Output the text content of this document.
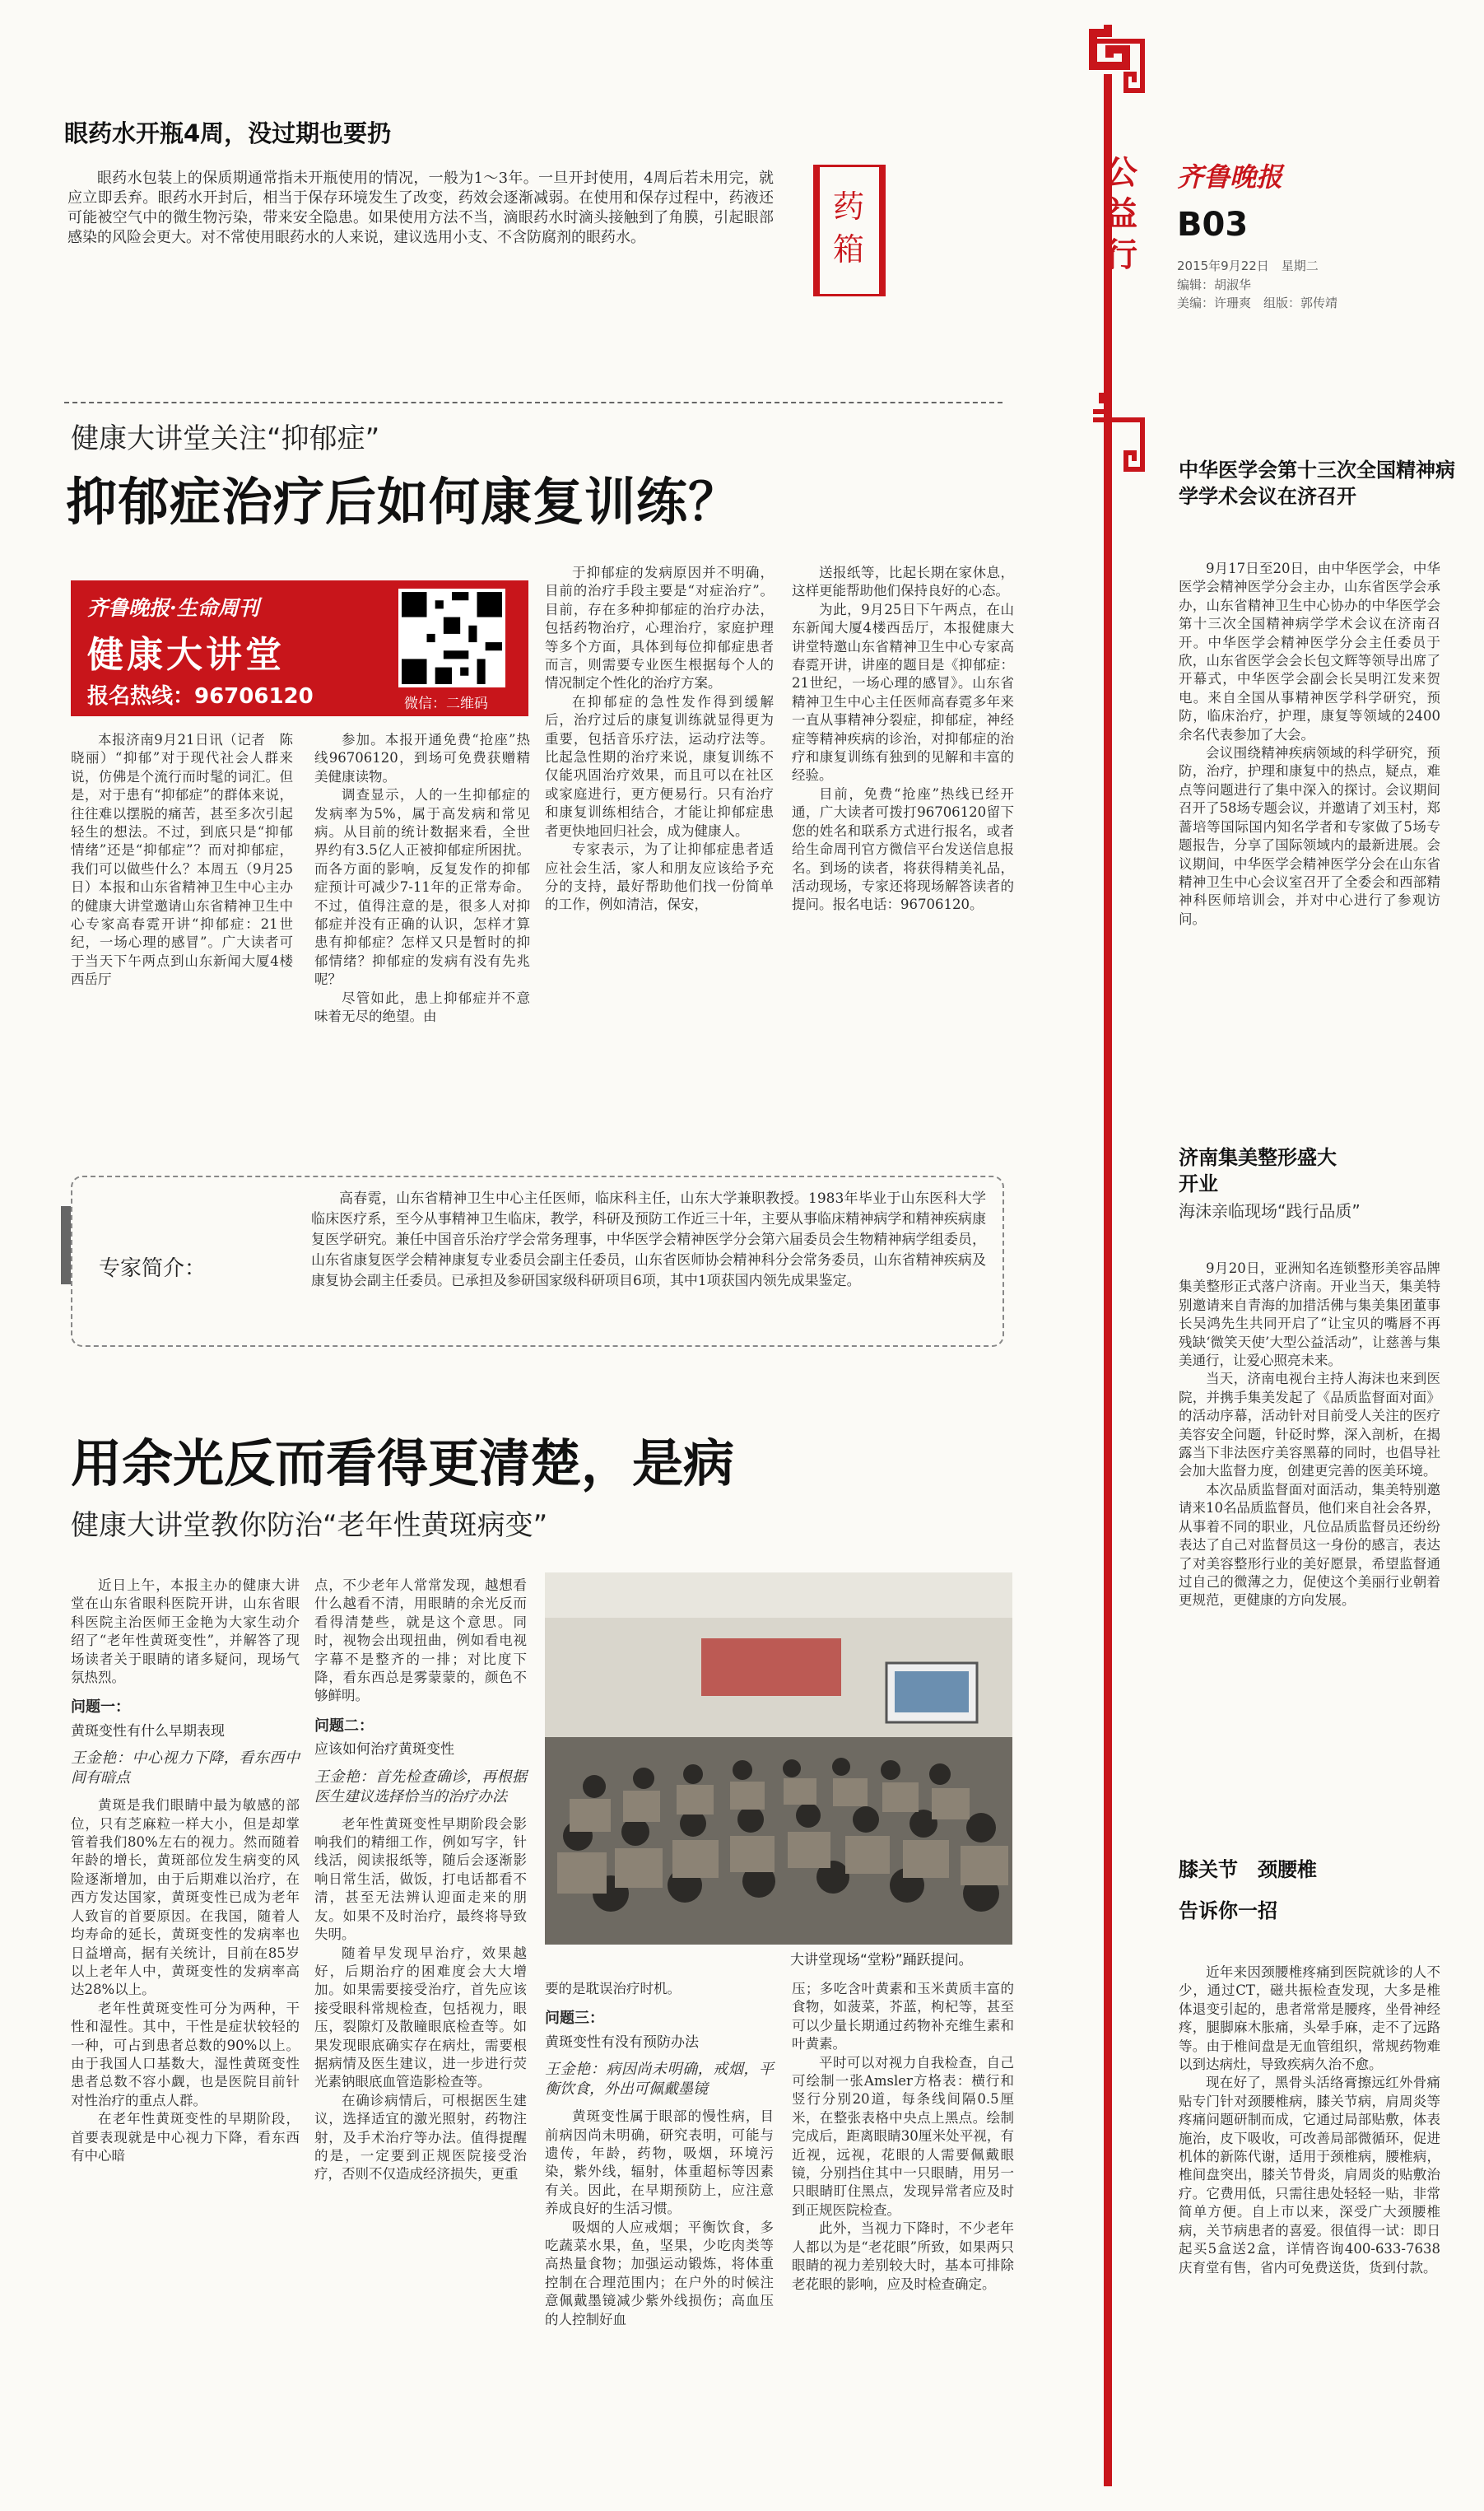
公益行
齐鲁晚报
B03
2015年9月22日　星期二
编辑：胡淑华
美编：许珊爽　组版：郭传靖
眼药水开瓶4周，没过期也要扔

眼药水包装上的保质期通常指未开瓶使用的情况，一般为1～3年。一旦开封使用，4周后若未用完，就应立即丢弃。眼药水开封后，相当于保存环境发生了改变，药效会逐渐减弱。在使用和保存过程中，药液还可能被空气中的微生物污染，带来安全隐患。如果使用方法不当，滴眼药水时滴头接触到了角膜，引起眼部感染的风险会更大。对不常使用眼药水的人来说，建议选用小支、不含防腐剂的眼药水。

药箱
健康大讲堂关注“抑郁症”
抑郁症治疗后如何康复训练？
齐鲁晚报·生命周刊
健康大讲堂
报名热线：96706120	微信：二维码

本报济南9月21日讯（记者　陈晓丽）“抑郁”对于现代社会人群来说，仿佛是个流行而时髦的词汇。但是，对于患有“抑郁症”的群体来说，往往难以摆脱的痛苦，甚至多次引起轻生的想法。不过，到底只是“抑郁情绪”还是“抑郁症”？而对抑郁症，我们可以做些什么？本周五（9月25日）本报和山东省精神卫生中心主办的健康大讲堂邀请山东省精神卫生中心专家高春霓开讲“抑郁症：21世纪，一场心理的感冒”。广大读者可于当天下午两点到山东新闻大厦4楼西岳厅

参加。本报开通免费“抢座”热线96706120，到场可免费获赠精美健康读物。

调查显示，人的一生抑郁症的发病率为5%，属于高发病和常见病。从目前的统计数据来看，全世界约有3.5亿人正被抑郁症所困扰。而各方面的影响，反复发作的抑郁症预计可减少7-11年的正常寿命。不过，值得注意的是，很多人对抑郁症并没有正确的认识，怎样才算患有抑郁症？怎样又只是暂时的抑郁情绪？抑郁症的发病有没有先兆呢？

尽管如此，患上抑郁症并不意味着无尽的绝望。由

于抑郁症的发病原因并不明确，目前的治疗手段主要是“对症治疗”。目前，存在多种抑郁症的治疗办法，包括药物治疗，心理治疗，家庭护理等多个方面，具体到每位抑郁症患者而言，则需要专业医生根据每个人的情况制定个性化的治疗方案。

在抑郁症的急性发作得到缓解后，治疗过后的康复训练就显得更为重要，包括音乐疗法，运动疗法等。比起急性期的治疗来说，康复训练不仅能巩固治疗效果，而且可以在社区或家庭进行，更方便易行。只有治疗和康复训练相结合，才能让抑郁症患者更快地回归社会，成为健康人。

专家表示，为了让抑郁症患者适应社会生活，家人和朋友应该给予充分的支持，最好帮助他们找一份简单的工作，例如清洁，保安，

送报纸等，比起长期在家休息，这样更能帮助他们保持良好的心态。

为此，9月25日下午两点，在山东新闻大厦4楼西岳厅，本报健康大讲堂特邀山东省精神卫生中心专家高春霓开讲，讲座的题目是《抑郁症：21世纪，一场心理的感冒》。山东省精神卫生中心主任医师高春霓多年来一直从事精神分裂症，抑郁症，神经症等精神疾病的诊治，对抑郁症的治疗和康复训练有独到的见解和丰富的经验。

目前，免费“抢座”热线已经开通，广大读者可拨打96706120留下您的姓名和联系方式进行报名，或者给生命周刊官方微信平台发送信息报名。到场的读者，将获得精美礼品，活动现场，专家还将现场解答读者的提问。报名电话：96706120。

专家简介：

高春霓，山东省精神卫生中心主任医师，临床科主任，山东大学兼职教授。1983年毕业于山东医科大学临床医疗系，至今从事精神卫生临床，教学，科研及预防工作近三十年，主要从事临床精神病学和精神疾病康复医学研究。兼任中国音乐治疗学会常务理事，中华医学会精神医学分会第六届委员会生物精神病学组委员，山东省康复医学会精神康复专业委员会副主任委员，山东省医师协会精神科分会常务委员，山东省精神疾病及康复协会副主任委员。已承担及参研国家级科研项目6项，其中1项获国内领先成果鉴定。

用余光反而看得更清楚，是病
健康大讲堂教你防治“老年性黄斑病变”

近日上午，本报主办的健康大讲堂在山东省眼科医院开讲，山东省眼科医院主治医师王金艳为大家生动介绍了“老年性黄斑变性”，并解答了现场读者关于眼睛的诸多疑问，现场气氛热烈。

问题一：
黄斑变性有什么早期表现
王金艳：中心视力下降，看东西中间有暗点

黄斑是我们眼睛中最为敏感的部位，只有芝麻粒一样大小，但是却掌管着我们80%左右的视力。然而随着年龄的增长，黄斑部位发生病变的风险逐渐增加，由于后期难以治疗，在西方发达国家，黄斑变性已成为老年人致盲的首要原因。在我国，随着人均寿命的延长，黄斑变性的发病率也日益增高，据有关统计，目前在85岁以上老年人中，黄斑变性的发病率高达28%以上。

老年性黄斑变性可分为两种，干性和湿性。其中，干性是症状较轻的一种，可占到患者总数的90%以上。由于我国人口基数大，湿性黄斑变性患者总数不容小觑，也是医院目前针对性治疗的重点人群。

在老年性黄斑变性的早期阶段，首要表现就是中心视力下降，看东西有中心暗

点，不少老年人常常发现，越想看什么越看不清，用眼睛的余光反而看得清楚些，就是这个意思。同时，视物会出现扭曲，例如看电视字幕不是整齐的一排；对比度下降，看东西总是雾蒙蒙的，颜色不够鲜明。

问题二：
应该如何治疗黄斑变性
王金艳：首先检查确诊，再根据医生建议选择恰当的治疗办法

老年性黄斑变性早期阶段会影响我们的精细工作，例如写字，针线活，阅读报纸等，随后会逐渐影响日常生活，做饭，打电话都看不清，甚至无法辨认迎面走来的朋友。如果不及时治疗，最终将导致失明。

随着早发现早治疗，效果越好，后期治疗的困难度会大大增加。如果需要接受治疗，首先应该接受眼科常规检查，包括视力，眼压，裂隙灯及散瞳眼底检查等。如果发现眼底确实存在病灶，需要根据病情及医生建议，进一步进行荧光素钠眼底血管造影检查等。

在确诊病情后，可根据医生建议，选择适宜的激光照射，药物注射，及手术治疗等办法。值得提醒的是，一定要到正规医院接受治疗，否则不仅造成经济损失，更重

大讲堂现场“堂粉”踊跃提问。

要的是耽误治疗时机。

问题三：
黄斑变性有没有预防办法
王金艳：病因尚未明确，戒烟，平衡饮食，外出可佩戴墨镜

黄斑变性属于眼部的慢性病，目前病因尚未明确，研究表明，可能与遗传，年龄，药物，吸烟，环境污染，紫外线，辐射，体重超标等因素有关。因此，在早期预防上，应注意养成良好的生活习惯。

吸烟的人应戒烟；平衡饮食，多吃蔬菜水果，鱼，坚果，少吃肉类等高热量食物；加强运动锻炼，将体重控制在合理范围内；在户外的时候注意佩戴墨镜减少紫外线损伤；高血压的人控制好血

压；多吃含叶黄素和玉米黄质丰富的食物，如菠菜，芥蓝，枸杞等，甚至可以少量长期通过药物补充维生素和叶黄素。

平时可以对视力自我检查，自己可绘制一张Amsler方格表：横行和竖行分别20道，每条线间隔0.5厘米，在整张表格中央点上黑点。绘制完成后，距离眼睛30厘米处平视，有近视，远视，花眼的人需要佩戴眼镜，分别挡住其中一只眼睛，用另一只眼睛盯住黑点，发现异常者应及时到正规医院检查。

此外，当视力下降时，不少老年人都以为是“老花眼”所致，如果两只眼睛的视力差别较大时，基本可排除老花眼的影响，应及时检查确定。

中华医学会第十三次全国精神病学学术会议在济召开

9月17日至20日，由中华医学会，中华医学会精神医学分会主办，山东省医学会承办，山东省精神卫生中心协办的中华医学会第十三次全国精神病学学术会议在济南召开。中华医学会精神医学分会主任委员于欣，山东省医学会会长包文辉等领导出席了开幕式，中华医学会副会长吴明江发来贺电。来自全国从事精神医学科学研究，预防，临床治疗，护理，康复等领域的2400余名代表参加了大会。

会议围绕精神疾病领域的科学研究，预防，治疗，护理和康复中的热点，疑点，难点等问题进行了集中深入的探讨。会议期间召开了58场专题会议，并邀请了刘玉村，郑蔷培等国际国内知名学者和专家做了5场专题报告，分享了国际领域内的最新进展。会议期间，中华医学会精神医学分会在山东省精神卫生中心会议室召开了全委会和西部精神科医师培训会，并对中心进行了参观访问。

济南集美整形盛大开业
海沫亲临现场“践行品质”

9月20日，亚洲知名连锁整形美容品牌集美整形正式落户济南。开业当天，集美特别邀请来自青海的加措活佛与集美集团董事长吴鸿先生共同开启了“让宝贝的嘴唇不再残缺‘微笑天使’大型公益活动”，让慈善与集美通行，让爱心照亮未来。

当天，济南电视台主持人海沫也来到医院，并携手集美发起了《品质监督面对面》的活动序幕，活动针对目前受人关注的医疗美容安全问题，针砭时弊，深入剖析，在揭露当下非法医疗美容黑幕的同时，也倡导社会加大监督力度，创建更完善的医美环境。

本次品质监督面对面活动，集美特别邀请来10名品质监督员，他们来自社会各界，从事着不同的职业，凡位品质监督员还纷纷表达了自己对监督员这一身份的感言，表达了对美容整形行业的美好愿景，希望监督通过自己的微薄之力，促使这个美丽行业朝着更规范，更健康的方向发展。

膝关节　颈腰椎
告诉你一招

近年来因颈腰椎疼痛到医院就诊的人不少，通过CT，磁共振检查发现，大多是椎体退变引起的，患者常常是腰疼，坐骨神经疼，腿脚麻木胀痛，头晕手麻，走不了远路等。由于椎间盘是无血管组织，常规药物难以到达病灶，导致疾病久治不愈。

现在好了，黑骨头活络膏擦远红外骨痛贴专门针对颈腰椎病，膝关节病，肩周炎等疼痛问题研制而成，它通过局部贴敷，体表施治，皮下吸收，可改善局部微循环，促进机体的新陈代谢，适用于颈椎病，腰椎病，椎间盘突出，膝关节骨炎，肩周炎的贴敷治疗。它费用低，只需往患处轻轻一贴，非常简单方便。自上市以来，深受广大颈腰椎病，关节病患者的喜爱。很值得一试：即日起买5盒送2盒，详情咨询400-633-7638庆育堂有售，省内可免费送货，货到付款。
